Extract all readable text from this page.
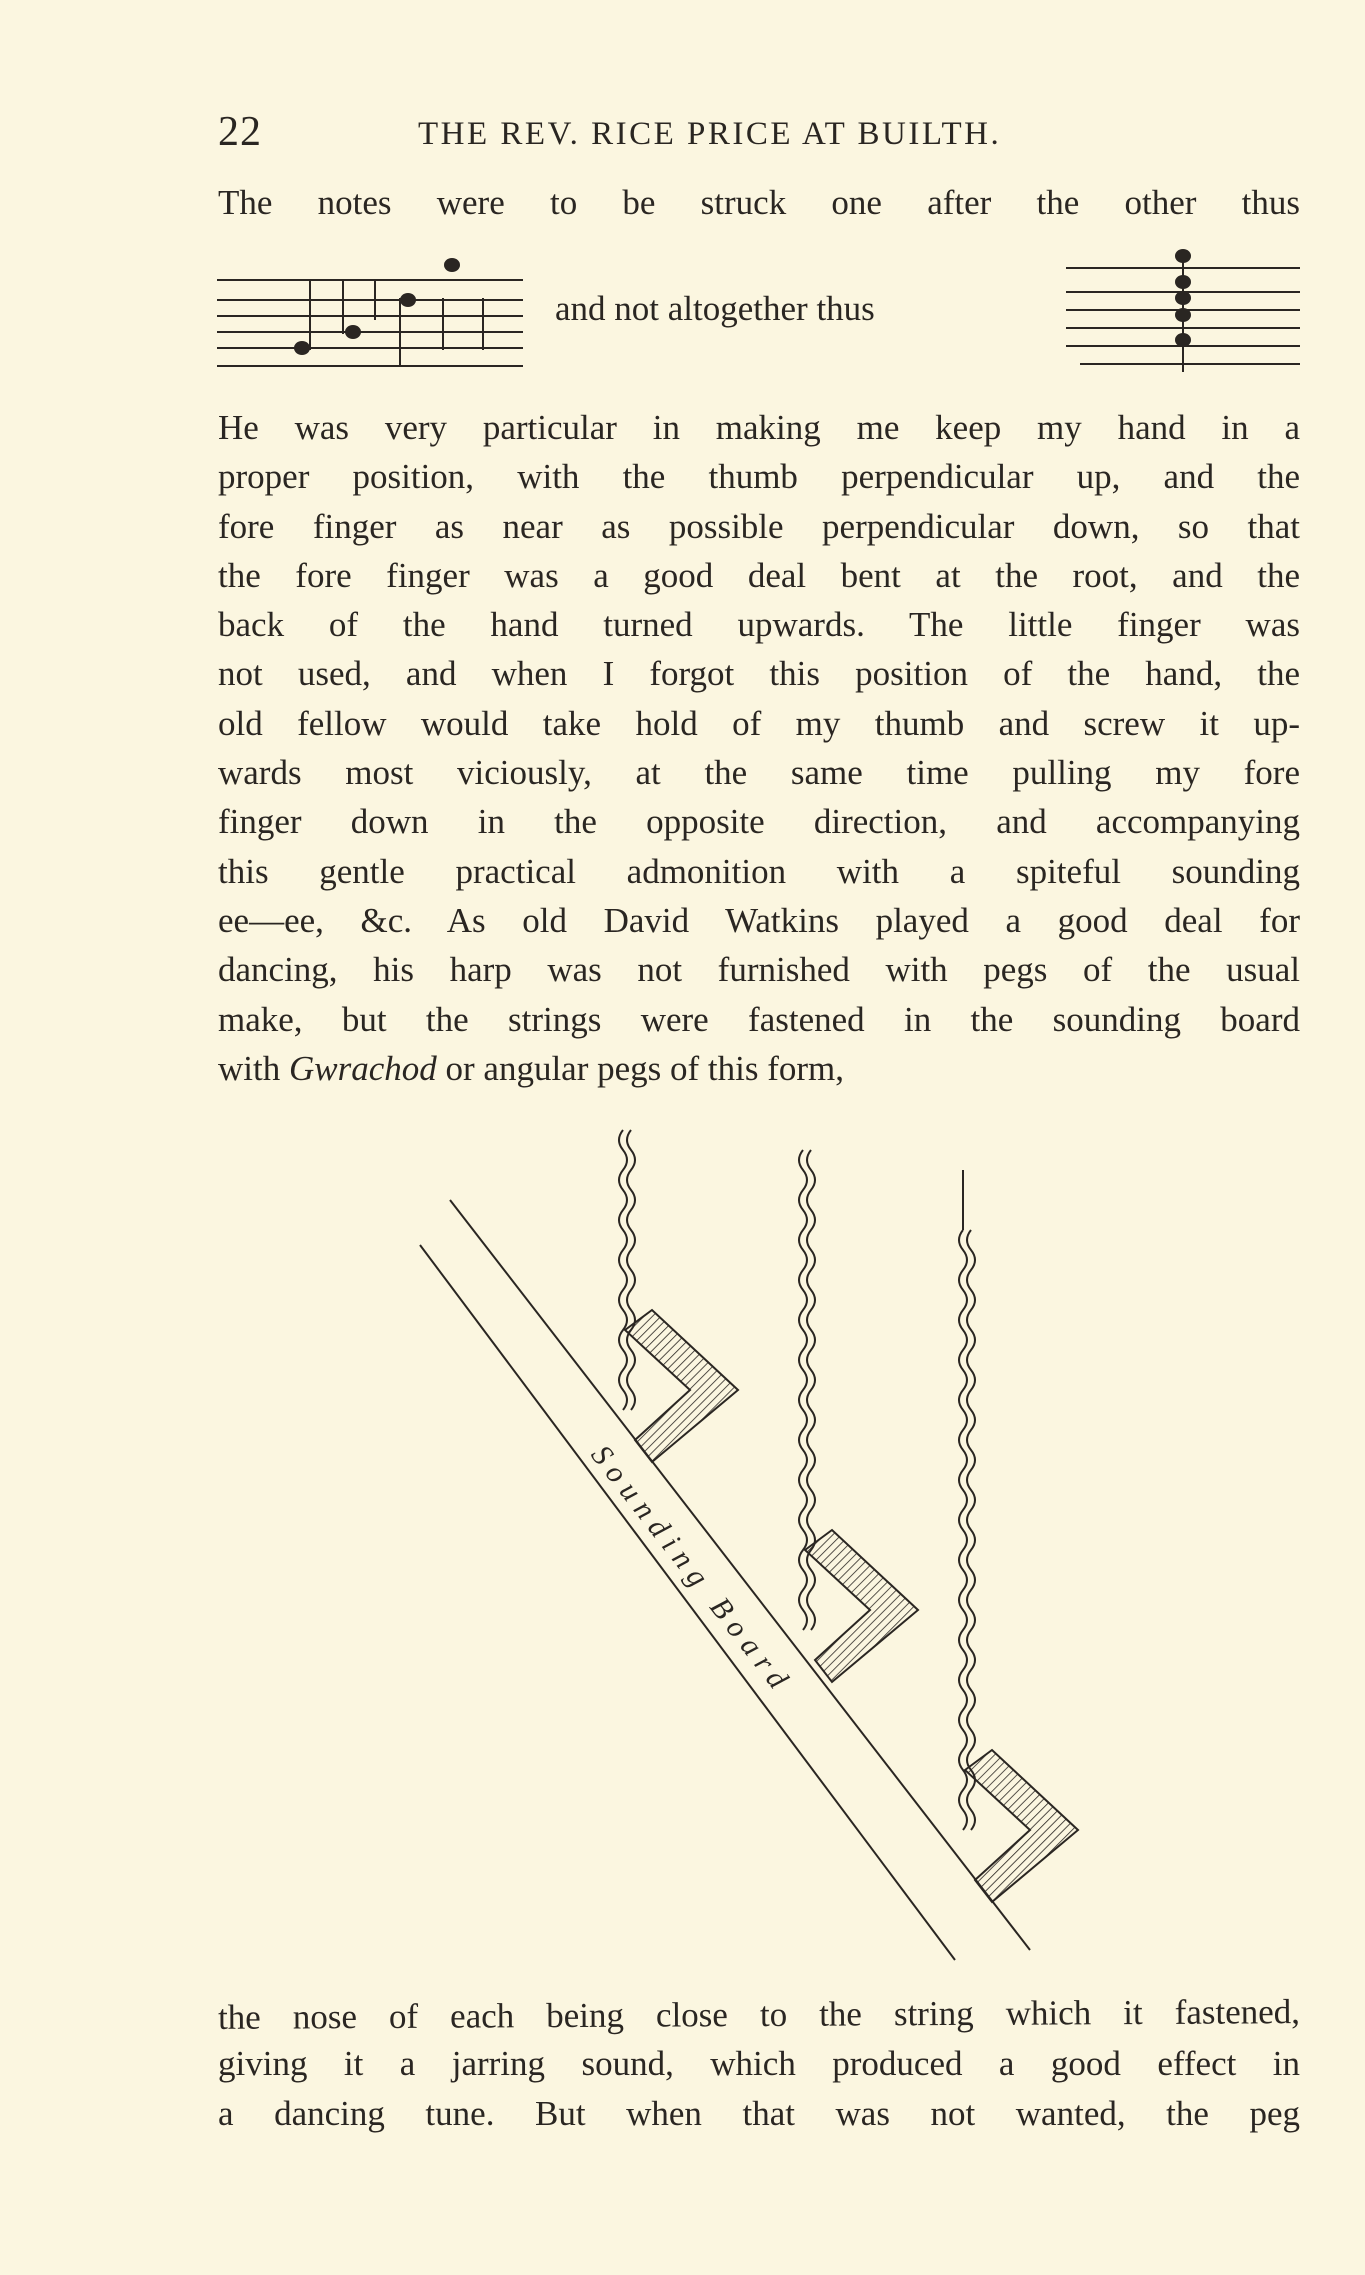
22	THE REV. RICE PRICE AT BUILTH.
The notes were to be struck one after the other thus
and not altogether thus
He was very particular in making me keep my hand in a
proper position, with the thumb perpendicular up, and the
fore finger as near as possible perpendicular down, so that
the fore finger was a good deal bent at the root, and the
back of the hand turned upwards. The little finger was
not used, and when I forgot this position of the hand, the
old fellow would take hold of my thumb and screw it up-
wards most viciously, at the same time pulling my fore
finger down in the opposite direction, and accompanying
this gentle practical admonition with a spiteful sounding
ee—ee, &c. As old David Watkins played a good deal for
dancing, his harp was not furnished with pegs of the usual
make, but the strings were fastened in the sounding board
with Gwrachod or angular pegs of this form,
Sounding Board
the nose of each being close to the string which it fastened,
giving it a jarring sound, which produced a good effect in
a dancing tune. But when that was not wanted, the peg
